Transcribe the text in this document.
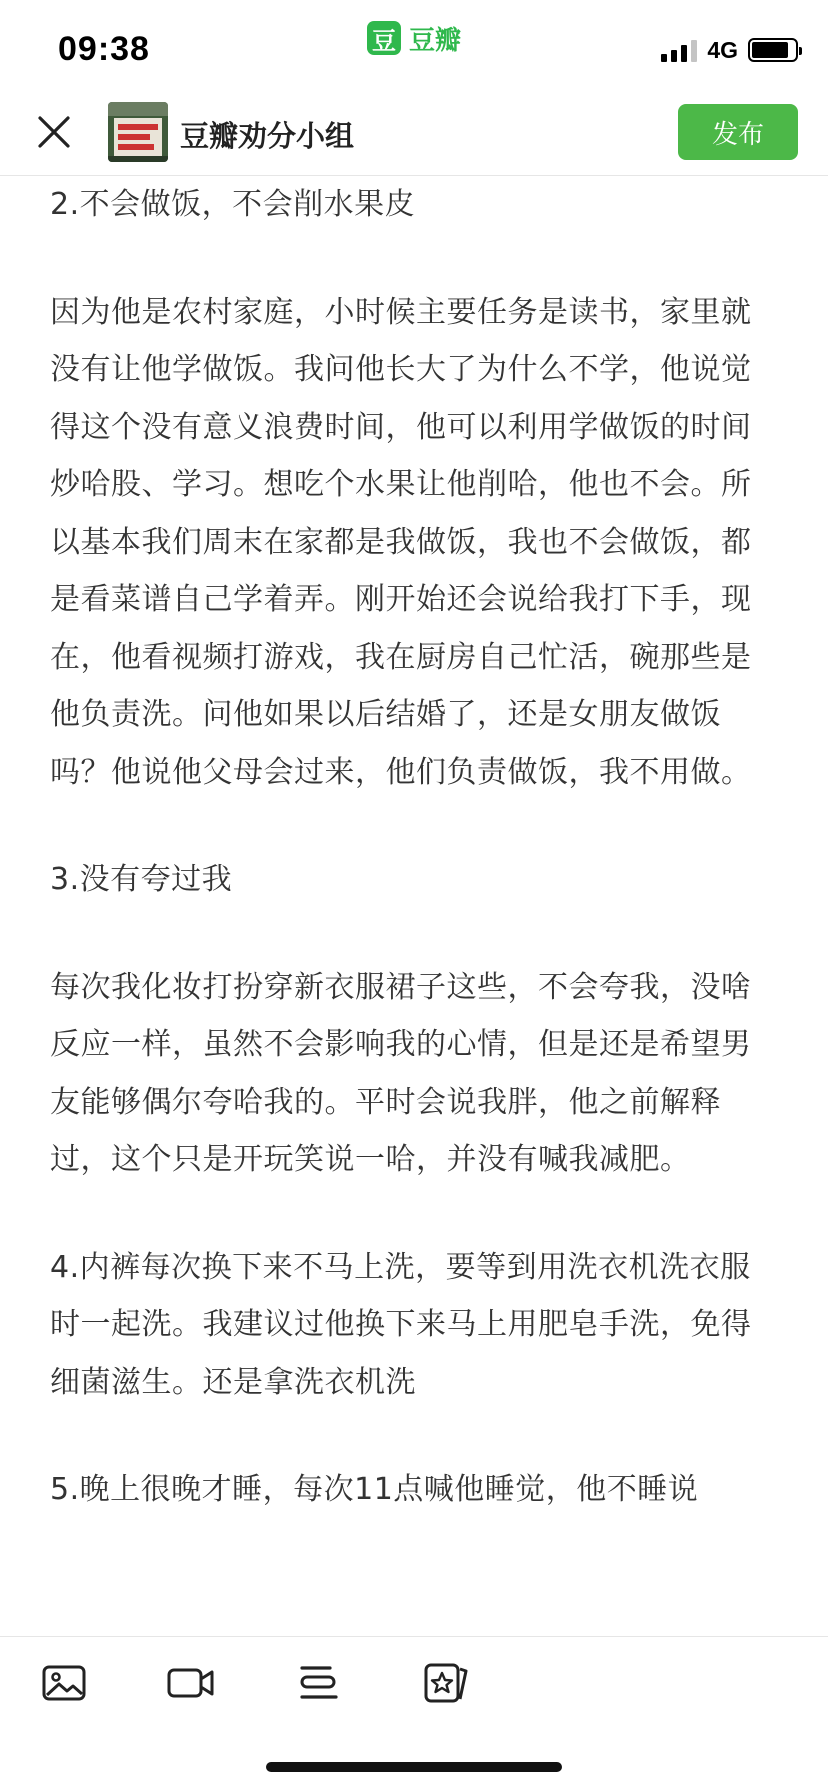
09:38	豆 豆瓣	4G
豆瓣劝分小组	发布

2.不会做饭，不会削水果皮

因为他是农村家庭，小时候主要任务是读书，家里就没有让他学做饭。我问他长大了为什么不学，他说觉得这个没有意义浪费时间，他可以利用学做饭的时间炒哈股、学习。想吃个水果让他削哈，他也不会。所以基本我们周末在家都是我做饭，我也不会做饭，都是看菜谱自己学着弄。刚开始还会说给我打下手，现在，他看视频打游戏，我在厨房自己忙活，碗那些是他负责洗。问他如果以后结婚了，还是女朋友做饭吗？他说他父母会过来，他们负责做饭，我不用做。

3.没有夸过我

每次我化妆打扮穿新衣服裙子这些，不会夸我，没啥反应一样，虽然不会影响我的心情，但是还是希望男友能够偶尔夸哈我的。平时会说我胖，他之前解释过，这个只是开玩笑说一哈，并没有喊我减肥。

4.内裤每次换下来不马上洗，要等到用洗衣机洗衣服时一起洗。我建议过他换下来马上用肥皂手洗，免得细菌滋生。还是拿洗衣机洗

5.晚上很晚才睡，每次11点喊他睡觉，他不睡说
